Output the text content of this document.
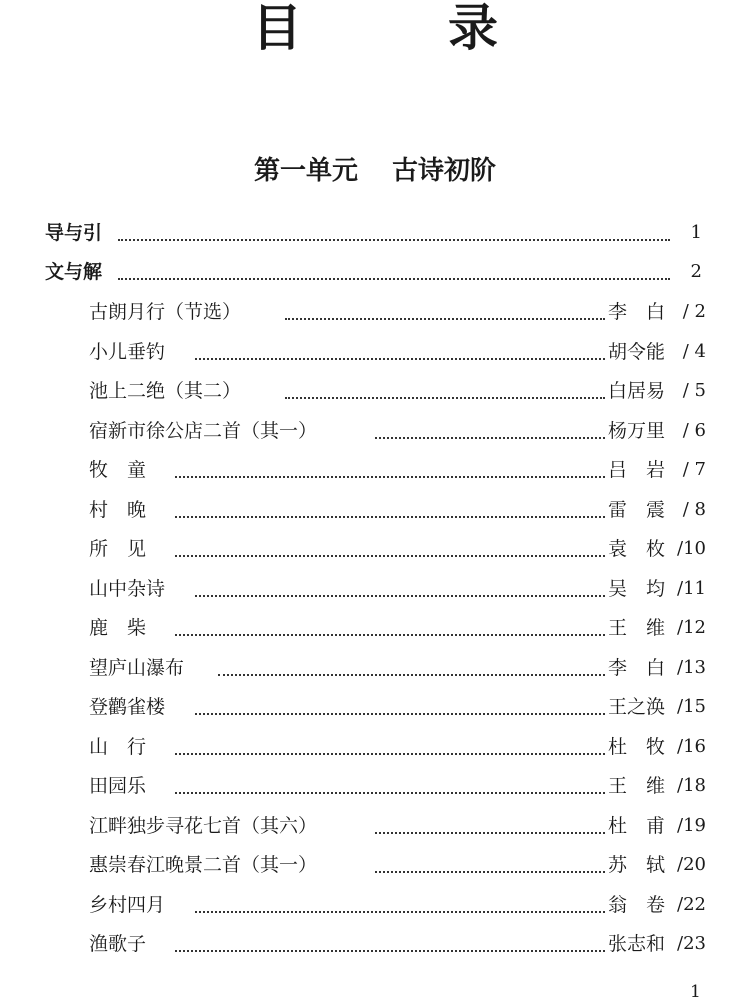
目　录
第一单元 古诗初阶
导与引	1
文与解	2
古朗月行（节选）	李　白 / 2
小儿垂钓	胡令能 / 4
池上二绝（其二）	白居易 / 5
宿新市徐公店二首（其一）	杨万里 / 6
牧　童	吕　岩 / 7
村　晚	雷　震 / 8
所　见	袁　枚 /10
山中杂诗	吴　均 /11
鹿　柴	王　维 /12
望庐山瀑布	李　白 /13
登鹳雀楼	王之涣 /15
山　行	杜　牧 /16
田园乐	王　维 /18
江畔独步寻花七首（其六）	杜　甫 /19
惠崇春江晚景二首（其一）	苏　轼 /20
乡村四月	翁　卷 /22
渔歌子	张志和 /23
1
